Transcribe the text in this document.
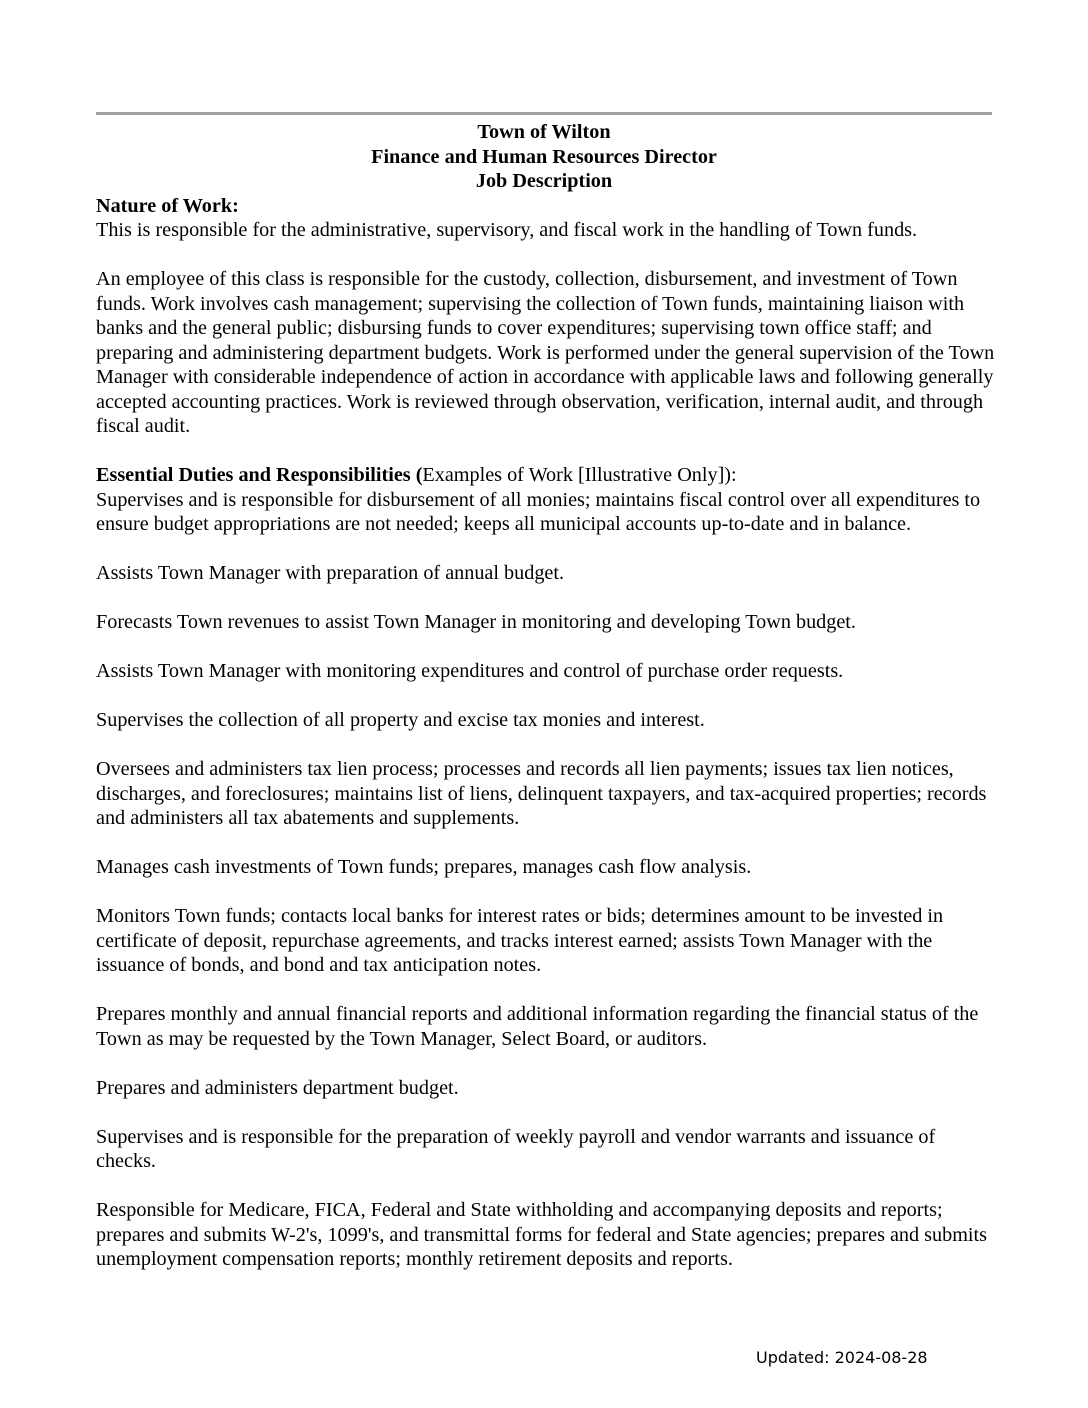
Town of Wilton
Finance and Human Resources Director
Job Description
Nature of Work:

This is responsible for the administrative, supervisory, and fiscal work in the handling of Town funds.

An employee of this class is responsible for the custody, collection, disbursement, and investment of Town funds. Work involves cash management; supervising the collection of Town funds, maintaining liaison with banks and the general public; disbursing funds to cover expenditures; supervising town office staff; and preparing and administering department budgets. Work is performed under the general supervision of the Town Manager with considerable independence of action in accordance with applicable laws and following generally accepted accounting practices. Work is reviewed through observation, verification, internal audit, and through fiscal audit.

Essential Duties and Responsibilities (Examples of Work [Illustrative Only]):

Supervises and is responsible for disbursement of all monies; maintains fiscal control over all expenditures to ensure budget appropriations are not needed; keeps all municipal accounts up-to-date and in balance.

Assists Town Manager with preparation of annual budget.

Forecasts Town revenues to assist Town Manager in monitoring and developing Town budget.

Assists Town Manager with monitoring expenditures and control of purchase order requests.

Supervises the collection of all property and excise tax monies and interest.

Oversees and administers tax lien process; processes and records all lien payments; issues tax lien notices, discharges, and foreclosures; maintains list of liens, delinquent taxpayers, and tax-acquired properties; records and administers all tax abatements and supplements.

Manages cash investments of Town funds; prepares, manages cash flow analysis.

Monitors Town funds; contacts local banks for interest rates or bids; determines amount to be invested in certificate of deposit, repurchase agreements, and tracks interest earned; assists Town Manager with the issuance of bonds, and bond and tax anticipation notes.

Prepares monthly and annual financial reports and additional information regarding the financial status of the Town as may be requested by the Town Manager, Select Board, or auditors.

Prepares and administers department budget.

Supervises and is responsible for the preparation of weekly payroll and vendor warrants and issuance of checks.

Responsible for Medicare, FICA, Federal and State withholding and accompanying deposits and reports; prepares and submits W-2's, 1099's, and transmittal forms for federal and State agencies; prepares and submits unemployment compensation reports; monthly retirement deposits and reports.

Updated: 2024-08-28
